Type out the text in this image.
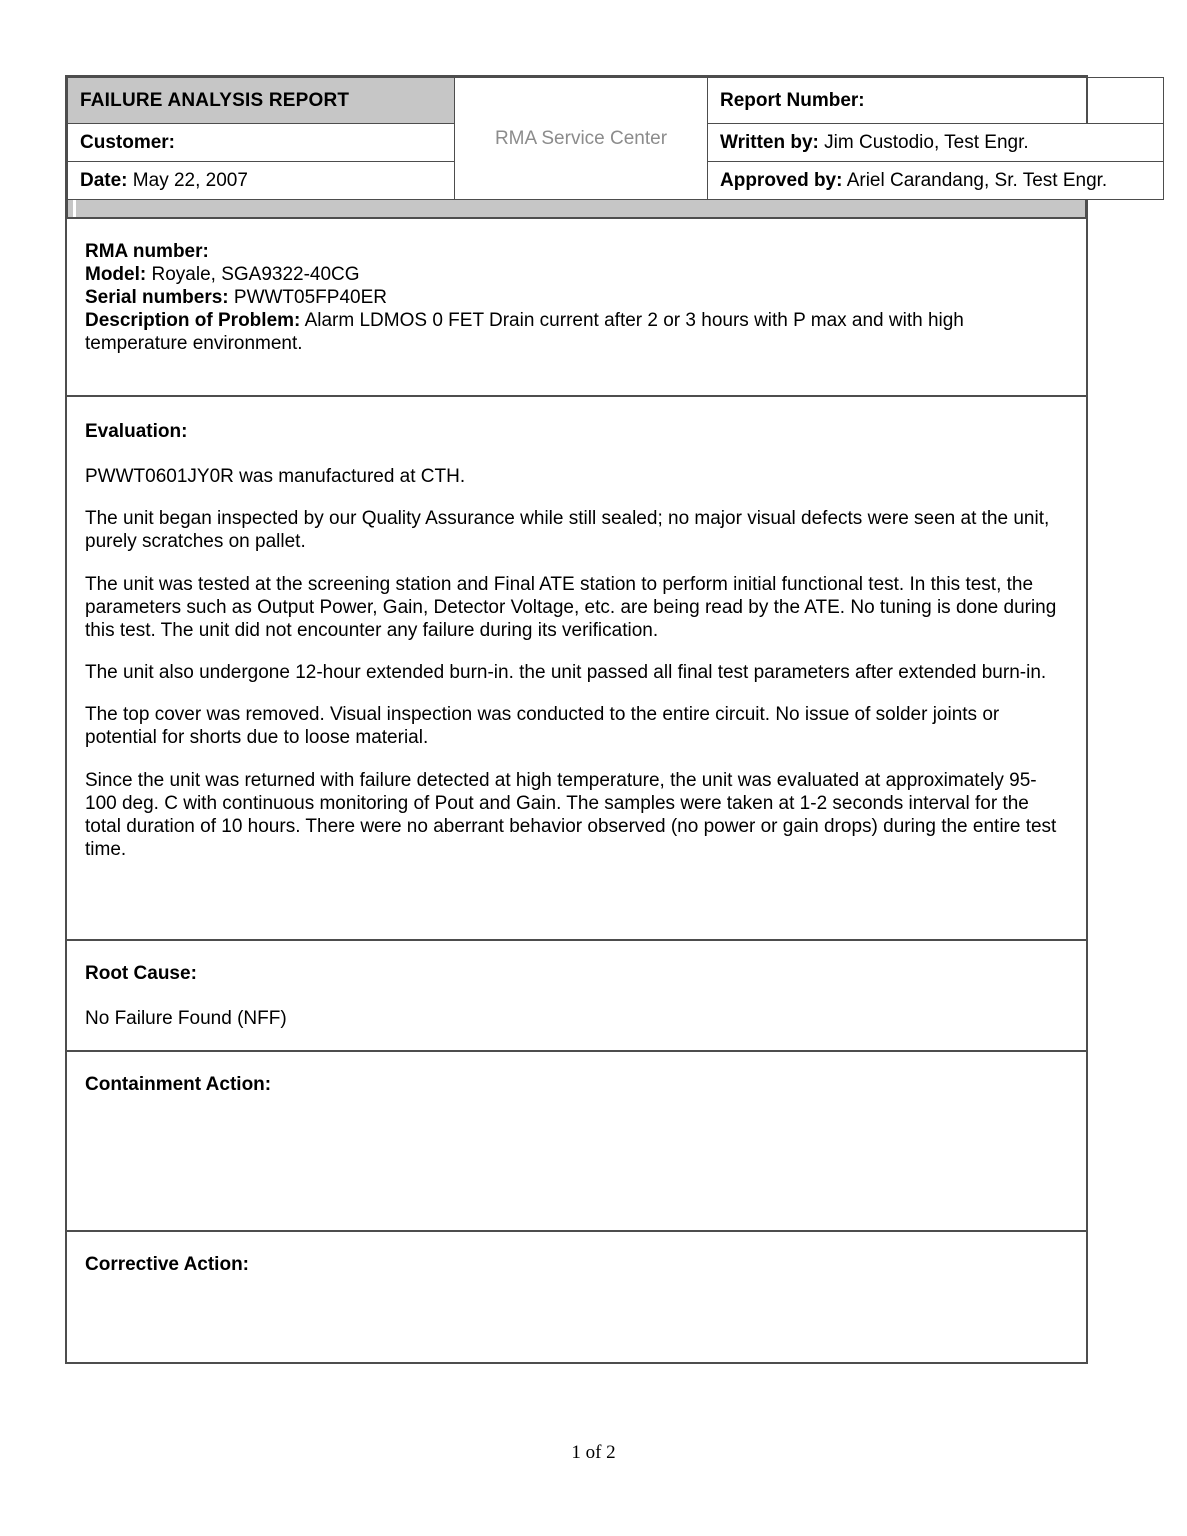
FAILURE ANALYSIS REPORT	RMA Service Center	Report Number:
Customer:		Written by: Jim Custodio, Test Engr.
Date: May 22, 2007		Approved by: Ariel Carandang, Sr. Test Engr.
RMA number:
Model: Royale, SGA9322-40CG
Serial numbers: PWWT05FP40ER
Description of Problem: Alarm LDMOS 0 FET Drain current after 2 or 3 hours with P max and with high temperature environment.
Evaluation:

PWWT0601JY0R was manufactured at CTH.

The unit began inspected by our Quality Assurance while still sealed; no major visual defects were seen at the unit, purely scratches on pallet.

The unit was tested at the screening station and Final ATE station to perform initial functional test. In this test, the parameters such as Output Power, Gain, Detector Voltage, etc. are being read by the ATE. No tuning is done during this test. The unit did not encounter any failure during its verification.

The unit also undergone 12-hour extended burn-in. the unit passed all final test parameters after extended burn-in.

The top cover was removed. Visual inspection was conducted to the entire circuit. No issue of solder joints or potential for shorts due to loose material.

Since the unit was returned with failure detected at high temperature, the unit was evaluated at approximately 95-100 deg. C with continuous monitoring of Pout and Gain. The samples were taken at 1-2 seconds interval for the total duration of 10 hours. There were no aberrant behavior observed (no power or gain drops) during the entire test time.

Root Cause:

No Failure Found (NFF)

Containment Action:

Corrective Action:

1 of 2
